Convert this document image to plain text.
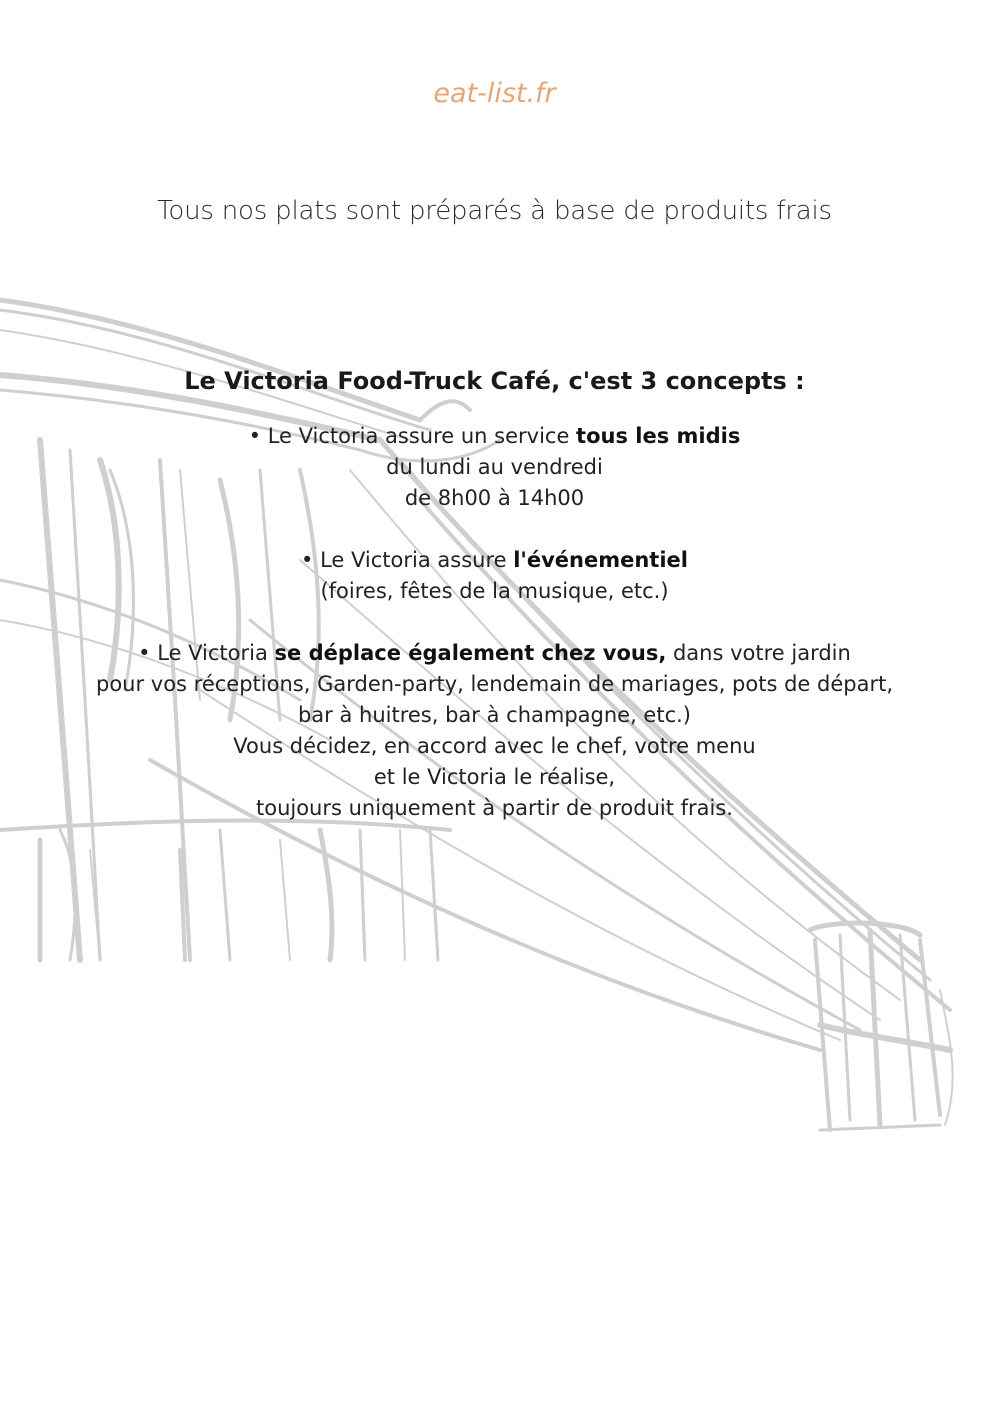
eat-list.fr
Tous nos plats sont préparés à base de produits frais
Le Victoria Food-Truck Café, c'est 3 concepts :

• Le Victoria assure un service tous les midis

du lundi au vendredi

de 8h00 à 14h00

• Le Victoria assure l'événementiel

(foires, fêtes de la musique, etc.)

• Le Victoria se déplace également chez vous, dans votre jardin

pour vos réceptions, Garden-party, lendemain de mariages, pots de départ,

bar à huitres, bar à champagne, etc.)

Vous décidez, en accord avec le chef, votre menu

et le Victoria le réalise,

toujours uniquement à partir de produit frais.
